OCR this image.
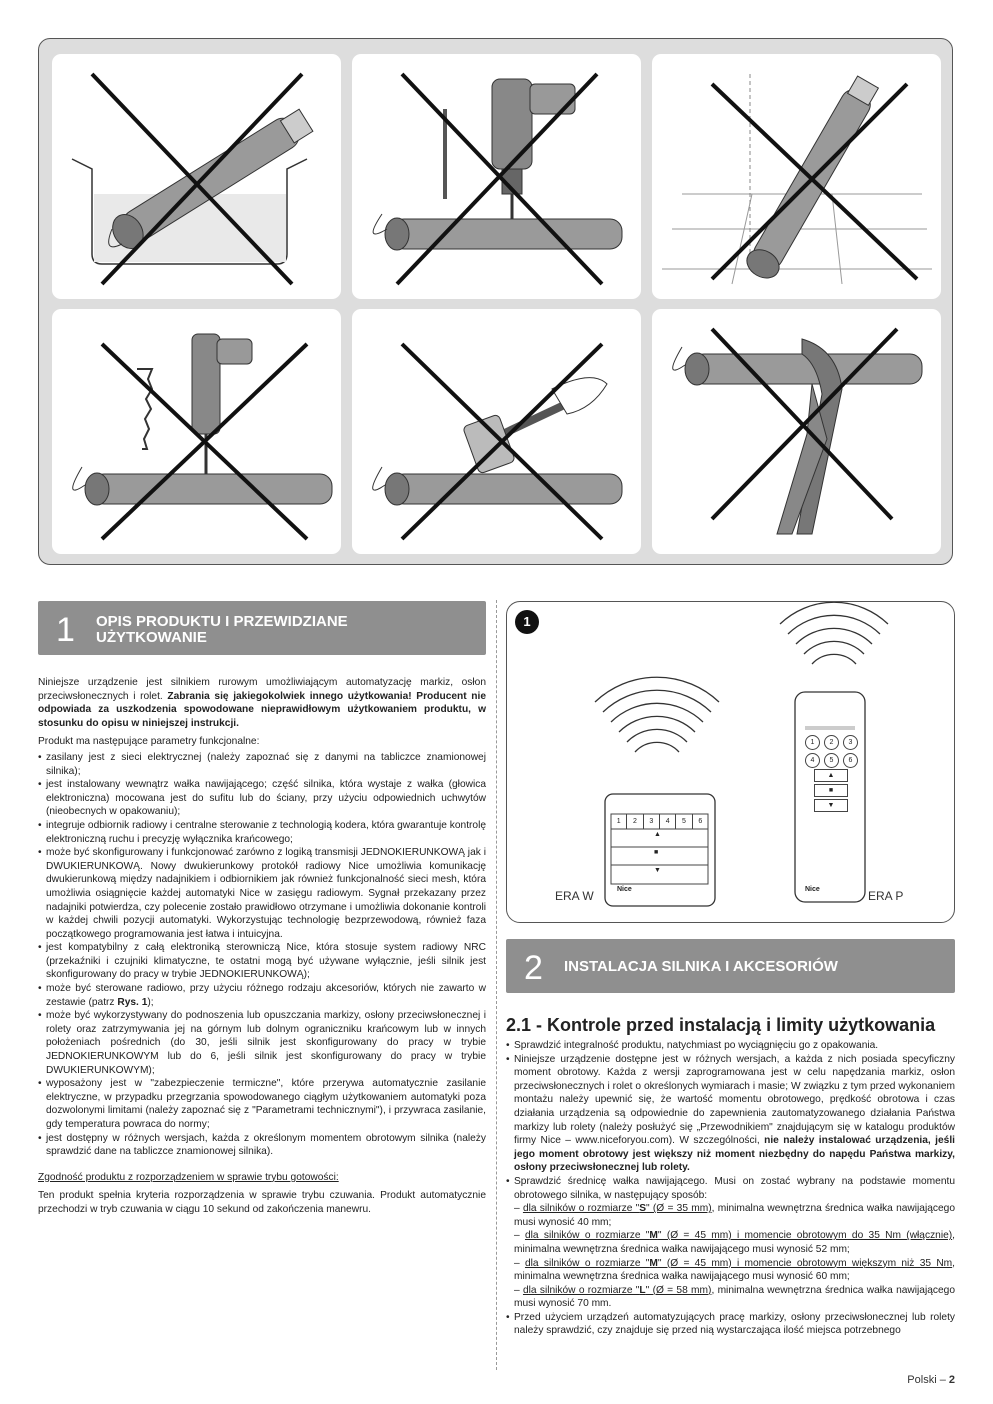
1 OPIS PRODUKTU I PRZEWIDZIANE
UŻYTKOWANIE

Niniejsze urządzenie jest silnikiem rurowym umożliwiającym automatyzację markiz, osłon przeciwsłonecznych i rolet. Zabrania się jakiegokolwiek innego użytkowania! Producent nie odpowiada za uszkodzenia spowodowane nieprawidłowym użytkowaniem produktu, w stosunku do opisu w niniejszej instrukcji.

Produkt ma następujące parametry funkcjonalne:

• zasilany jest z sieci elektrycznej (należy zapoznać się z danymi na tabliczce znamionowej silnika);
• jest instalowany wewnątrz wałka nawijającego; część silnika, która wystaje z wałka (głowica elektroniczna) mocowana jest do sufitu lub do ściany, przy użyciu odpowiednich uchwytów (nieobecnych w opakowaniu);
• integruje odbiornik radiowy i centralne sterowanie z technologią kodera, która gwarantuje kontrolę elektroniczną ruchu i precyzję wyłącznika krańcowego;
• może być skonfigurowany i funkcjonować zarówno z logiką transmisji JEDNOKIERUNKOWĄ jak i DWUKIERUNKOWĄ. Nowy dwukierunkowy protokół radiowy Nice umożliwia komunikację dwukierunkową między nadajnikiem i odbiornikiem jak również funkcjonalność sieci mesh, która umożliwia osiągnięcie każdej automatyki Nice w zasięgu radiowym. Sygnał przekazany przez nadajniki potwierdza, czy polecenie zostało prawidłowo otrzymane i umożliwia dokonanie kontroli w każdej chwili pozycji automatyki. Wykorzystując technologię bezprzewodową, również faza początkowego programowania jest łatwa i intuicyjna.
• jest kompatybilny z całą elektroniką sterowniczą Nice, która stosuje system radiowy NRC (przekaźniki i czujniki klimatyczne, te ostatni mogą być używane wyłącznie, jeśli silnik jest skonfigurowany do pracy w trybie JEDNOKIERUNKOWĄ);
• może być sterowane radiowo, przy użyciu różnego rodzaju akcesoriów, których nie zawarto w zestawie (patrz Rys. 1);
• może być wykorzystywany do podnoszenia lub opuszczania markizy, osłony przeciwsłonecznej i rolety oraz zatrzymywania jej na górnym lub dolnym ograniczniku krańcowym lub w innych położeniach pośrednich (do 30, jeśli silnik jest skonfigurowany do pracy w trybie JEDNOKIERUNKOWYM lub do 6, jeśli silnik jest skonfigurowany do pracy w trybie DWUKIERUNKOWYM);
• wyposażony jest w "zabezpieczenie termiczne", które przerywa automatycznie zasilanie elektryczne, w przypadku przegrzania spowodowanego ciągłym użytkowaniem automatyki poza dozwolonymi limitami (należy zapoznać się z "Parametrami technicznymi"), i przywraca zasilanie, gdy temperatura powraca do normy;
• jest dostępny w różnych wersjach, każda z określonym momentem obrotowym silnika (należy sprawdzić dane na tabliczce znamionowej silnika).

Zgodność produktu z rozporządzeniem w sprawie trybu gotowości:

Ten produkt spełnia kryteria rozporządzenia w sprawie trybu czuwania. Produkt automatycznie przechodzi w tryb czuwania w ciągu 10 sekund od zakończenia manewru.

1
1	2	3	4	5	6
▲
■
▼
Nice
1	2	3
4	5	6
▲
■
▼
Nice
ERA W	ERA P
2 INSTALACJA SILNIKA I AKCESORIÓW
2.1 - Kontrole przed instalacją i limity użytkowania
• Sprawdzić integralność produktu, natychmiast po wyciągnięciu go z opakowania.
• Niniejsze urządzenie dostępne jest w różnych wersjach, a każda z nich posiada specyficzny moment obrotowy. Każda z wersji zaprogramowana jest w celu napędzania markiz, osłon przeciwsłonecznych i rolet o określonych wymiarach i masie; W związku z tym przed wykonaniem montażu należy upewnić się, że wartość momentu obrotowego, prędkość obrotowa i czas działania urządzenia są odpowiednie do zapewnienia zautomatyzowanego działania Państwa markizy lub rolety (należy posłużyć się „Przewodnikiem" znajdującym się w katalogu produktów firmy Nice – www.niceforyou.com). W szczególności, nie należy instalować urządzenia, jeśli jego moment obrotowy jest większy niż moment niezbędny do napędu Państwa markizy, osłony przeciwsłonecznej lub rolety.
• Sprawdzić średnicę wałka nawijającego. Musi on zostać wybrany na podstawie momentu obrotowego silnika, w następujący sposób:
– dla silników o rozmiarze "S" (Ø = 35 mm), minimalna wewnętrzna średnica wałka nawijającego musi wynosić 40 mm;
– dla silników o rozmiarze "M" (Ø = 45 mm) i momencie obrotowym do 35 Nm (włącznie), minimalna wewnętrzna średnica wałka nawijającego musi wynosić 52 mm;
– dla silników o rozmiarze "M" (Ø = 45 mm) i momencie obrotowym większym niż 35 Nm, minimalna wewnętrzna średnica wałka nawijającego musi wynosić 60 mm;
– dla silników o rozmiarze "L" (Ø = 58 mm), minimalna wewnętrzna średnica wałka nawijającego musi wynosić 70 mm.
• Przed użyciem urządzeń automatyzujących pracę markizy, osłony przeciwsłonecznej lub rolety należy sprawdzić, czy znajduje się przed nią wystarczająca ilość miejsca potrzebnego
Polski – 2
